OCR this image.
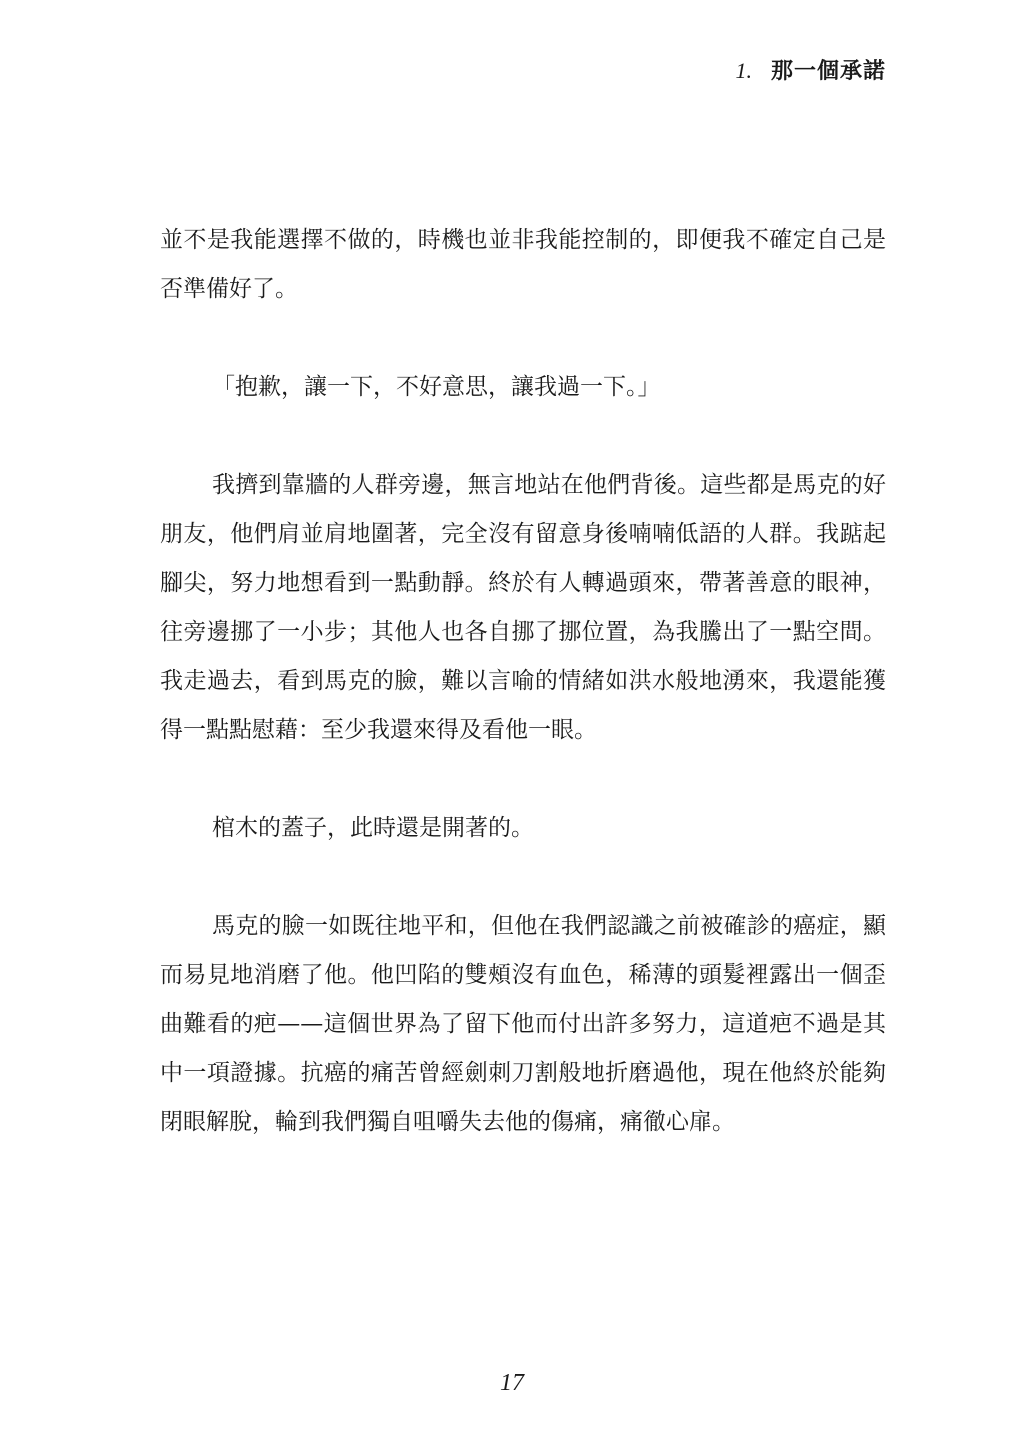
1. 那一個承諾

並不是我能選擇不做的，時機也並非我能控制的，即便我不確定自己是否準備好了。

「抱歉，讓一下，不好意思，讓我過一下。」

我擠到靠牆的人群旁邊，無言地站在他們背後。這些都是馬克的好朋友，他們肩並肩地圍著，完全沒有留意身後喃喃低語的人群。我踮起腳尖，努力地想看到一點動靜。終於有人轉過頭來，帶著善意的眼神，往旁邊挪了一小步；其他人也各自挪了挪位置，為我騰出了一點空間。我走過去，看到馬克的臉，難以言喻的情緒如洪水般地湧來，我還能獲得一點點慰藉：至少我還來得及看他一眼。

棺木的蓋子，此時還是開著的。

馬克的臉一如既往地平和，但他在我們認識之前被確診的癌症，顯而易見地消磨了他。他凹陷的雙頰沒有血色，稀薄的頭髮裡露出一個歪曲難看的疤——這個世界為了留下他而付出許多努力，這道疤不過是其中一項證據。抗癌的痛苦曾經劍刺刀割般地折磨過他，現在他終於能夠閉眼解脫，輪到我們獨自咀嚼失去他的傷痛，痛徹心扉。

17
